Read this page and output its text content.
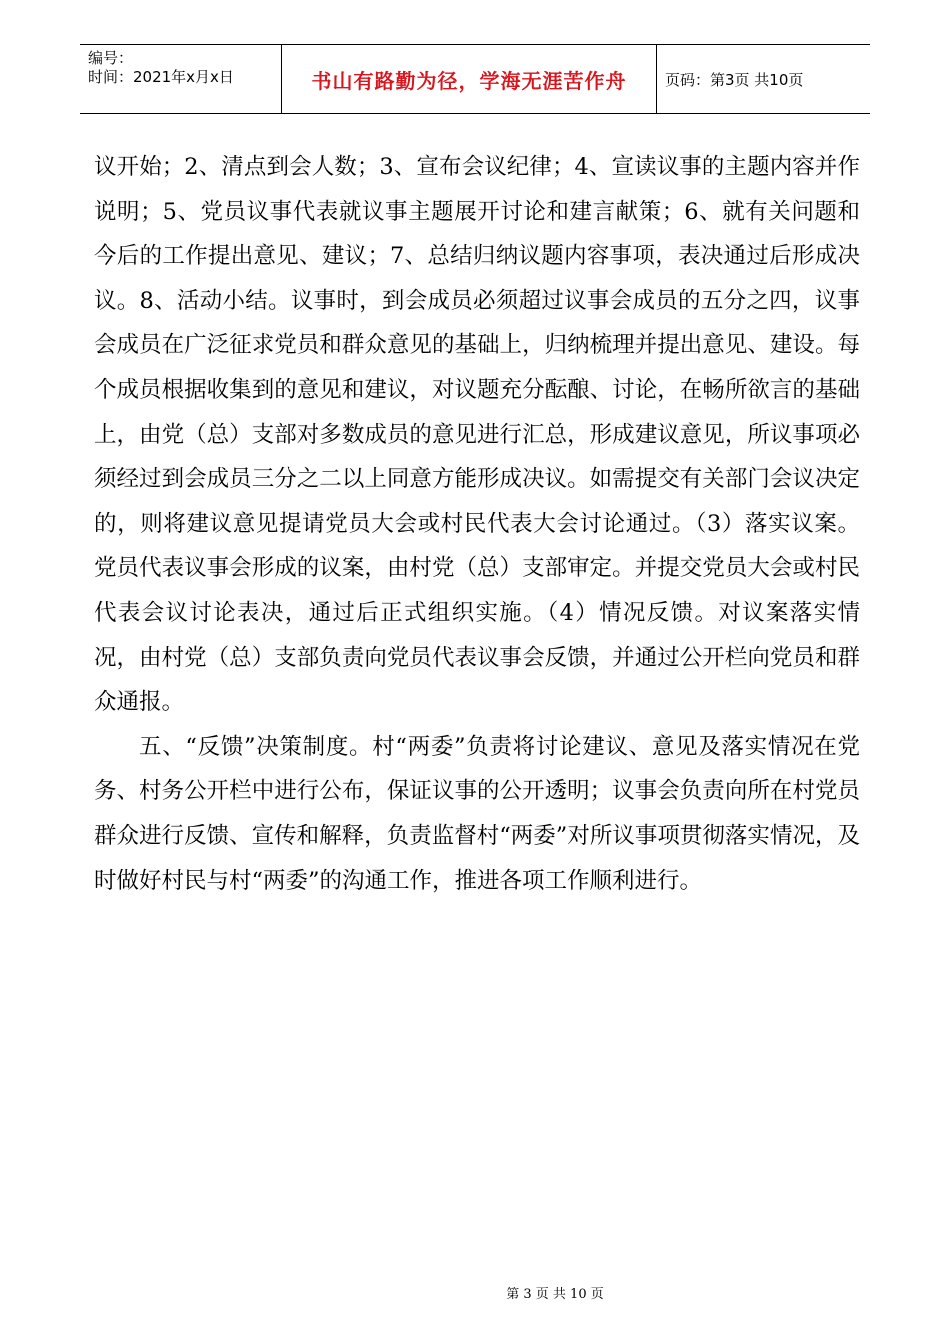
编号：
时间：2021年x月x日	书山有路勤为径，学海无涯苦作舟	页码：第3页 共10页

议开始；2、清点到会人数；3、宣布会议纪律；4、宣读议事的主题内容并作说明；5、党员议事代表就议事主题展开讨论和建言献策；6、就有关问题和今后的工作提出意见、建议；7、总结归纳议题内容事项，表决通过后形成决议。8、活动小结。议事时，到会成员必须超过议事会成员的五分之四，议事会成员在广泛征求党员和群众意见的基础上，归纳梳理并提出意见、建设。每个成员根据收集到的意见和建议，对议题充分酝酿、讨论，在畅所欲言的基础上，由党（总）支部对多数成员的意见进行汇总，形成建议意见，所议事项必须经过到会成员三分之二以上同意方能形成决议。如需提交有关部门会议决定的，则将建议意见提请党员大会或村民代表大会讨论通过。（3）落实议案。党员代表议事会形成的议案，由村党（总）支部审定。并提交党员大会或村民代表会议讨论表决，通过后正式组织实施。（4）情况反馈。对议案落实情况，由村党（总）支部负责向党员代表议事会反馈，并通过公开栏向党员和群众通报。

五、“反馈”决策制度。村“两委”负责将讨论建议、意见及落实情况在党务、村务公开栏中进行公布，保证议事的公开透明；议事会负责向所在村党员群众进行反馈、宣传和解释，负责监督村“两委”对所议事项贯彻落实情况，及时做好村民与村“两委”的沟通工作，推进各项工作顺利进行。

第 3 页 共 10 页
